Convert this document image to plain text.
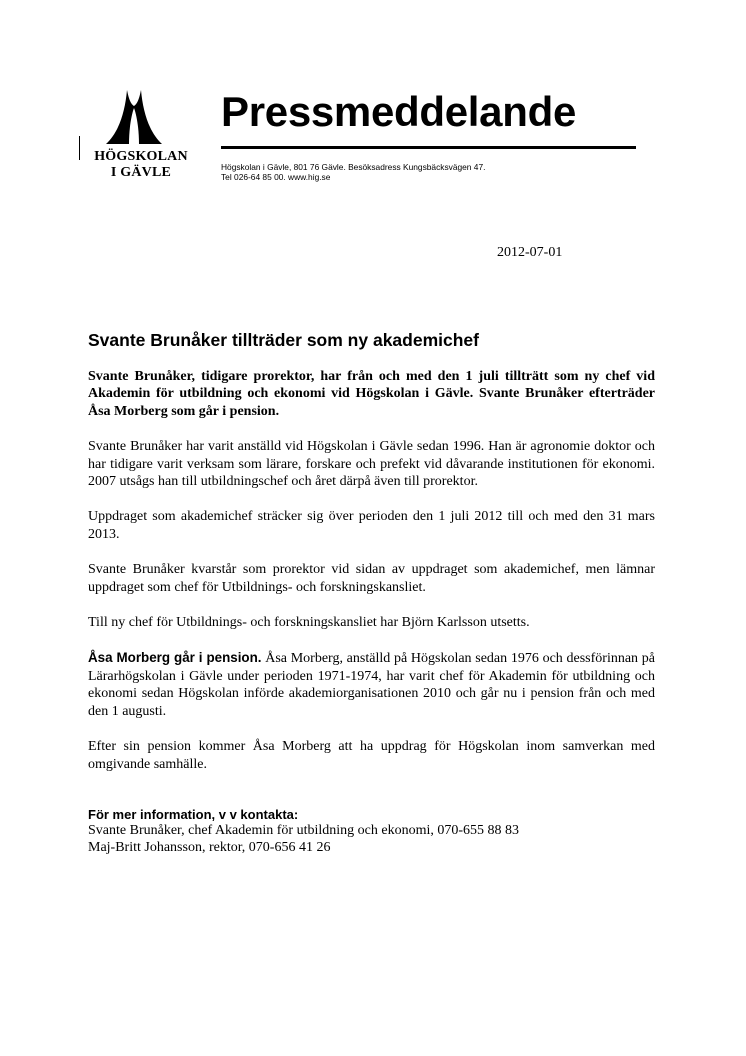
HÖGSKOLAN
I GÄVLE
Pressmeddelande
Högskolan i Gävle, 801 76 Gävle. Besöksadress Kungsbäcksvägen 47.
Tel 026-64 85 00. www.hig.se
2012-07-01
Svante Brunåker tillträder som ny akademichef

Svante Brunåker, tidigare prorektor, har från och med den 1 juli tillträtt som ny chef vid Akademin för utbildning och ekonomi vid Högskolan i Gävle. Svante Brunåker efterträder Åsa Morberg som går i pension.

Svante Brunåker har varit anställd vid Högskolan i Gävle sedan 1996. Han är agronomie doktor och har tidigare varit verksam som lärare, forskare och prefekt vid dåvarande institutionen för ekonomi. 2007 utsågs han till utbildningschef och året därpå även till prorektor.

Uppdraget som akademichef sträcker sig över perioden den 1 juli 2012 till och med den 31 mars 2013.

Svante Brunåker kvarstår som prorektor vid sidan av uppdraget som akademichef, men lämnar uppdraget som chef för Utbildnings- och forskningskansliet.

Till ny chef för Utbildnings- och forskningskansliet har Björn Karlsson utsetts.

Åsa Morberg går i pension. Åsa Morberg, anställd på Högskolan sedan 1976 och dessförinnan på Lärarhögskolan i Gävle under perioden 1971-1974, har varit chef för Akademin för utbildning och ekonomi sedan Högskolan införde akademiorganisationen 2010 och går nu i pension från och med den 1 augusti.

Efter sin pension kommer Åsa Morberg att ha uppdrag för Högskolan inom samverkan med omgivande samhälle.

För mer information, v v kontakta:
Svante Brunåker, chef Akademin för utbildning och ekonomi, 070-655 88 83
Maj-Britt Johansson, rektor, 070-656 41 26
